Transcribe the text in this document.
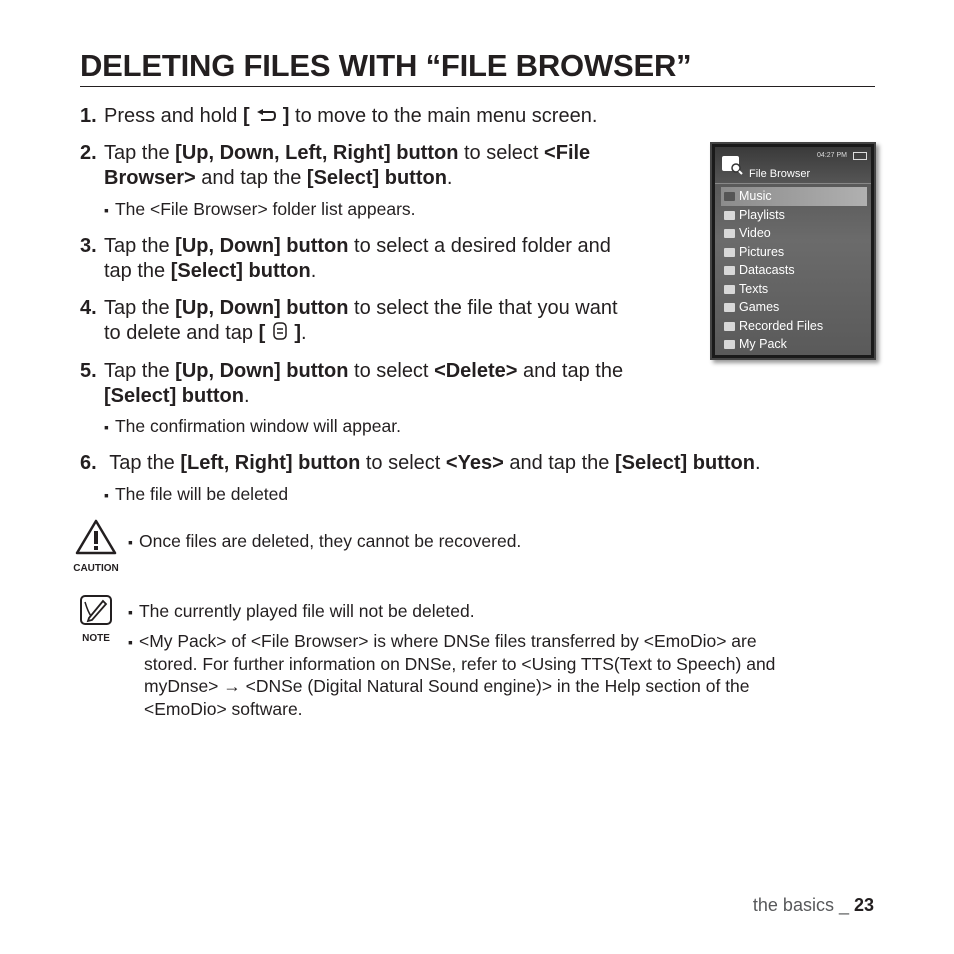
DELETING FILES WITH “FILE BROWSER”
1. Press and hold [ ] to move to the main menu screen.
2. Tap the [Up, Down, Left, Right] button to select <File
Browser> and tap the [Select] button.
▪ The <File Browser> folder list appears.
3. Tap the [Up, Down] button to select a desired folder and
tap the [Select] button.
4. Tap the [Up, Down] button to select the file that you want
to delete and tap [ ].
5. Tap the [Up, Down] button to select <Delete> and tap the
[Select] button.
▪ The confirmation window will appear.
6. Tap the [Left, Right] button to select <Yes> and tap the [Select] button.
▪ The file will be deleted
CAUTION
▪ Once files are deleted, they cannot be recovered.
NOTE
▪ The currently played file will not be deleted.
▪ <My Pack> of <File Browser> is where DNSe files transferred by <EmoDio> are
stored. For further information on DNSe, refer to <Using TTS(Text to Speech) and
myDnse> → <DNSe (Digital Natural Sound engine)> in the Help section of the
<EmoDio> software.
04:27 PM
File Browser
Music
Playlists
Video
Pictures
Datacasts
Texts
Games
Recorded Files
My Pack
the basics _ 23
